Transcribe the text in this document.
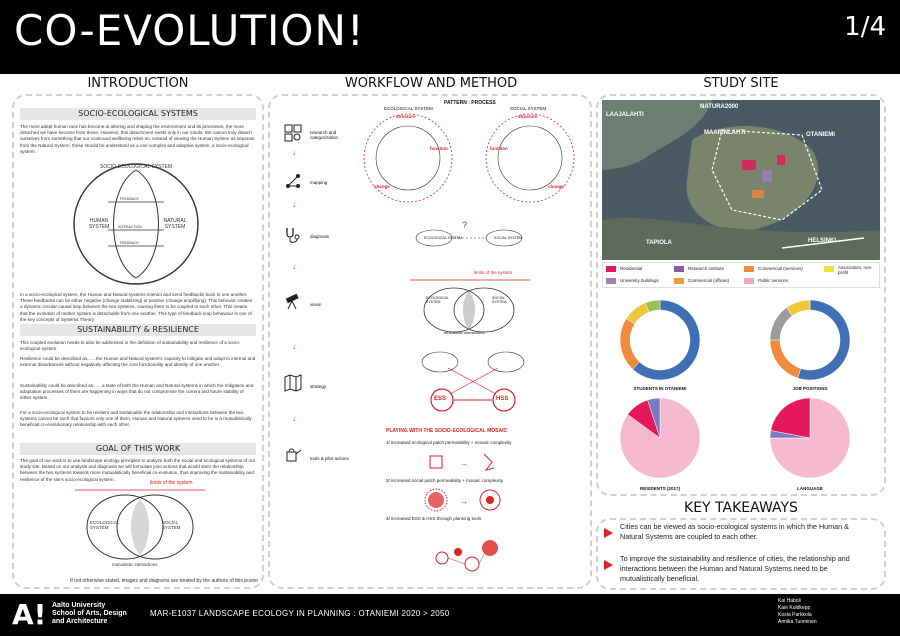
CO-EVOLUTION!	1/4
INTRODUCTION	WORKFLOW AND METHOD	STUDY SITE
SOCIO-ECOLOGICAL SYSTEMS
The more adept human race has become at altering and shaping the environment and its processes, the more detached we have become from these. However, this detachment exists only in our minds. We cannot truly detach ourselves from something that our continued wellbeing relies on. Instead of viewing the Human System as separate from the Natural System, these should be understood as a one complex and adaptive system, a socio-ecological system.
SOCIO-ECOLOGICAL SYSTEM
HUMAN SYSTEM
NATURAL SYSTEM
FEEDBACK
INTERACTION
FEEDBACK
In a socio-ecological system, the Human and Natural systems interact and send feedbacks back to one another. These feedbacks can be either negative (change stabilizing) or positive (change amplifying). This behavior creates a dynamic circular causal loop between the two systems, causing them to be coupled to each other. This means that the evolution of neither system is detachable from one another. This type of feedback loop behaviour is one of the key concepts of Systems Theory.
SUSTAINABILITY & RESILIENCE
This coupled evolution needs to also be addressed in the definition of sustainability and resilience of a socio-ecological system.
Resilience could be described as... ...the Human and Natural system's capacity to mitigate and adapt to internal and external disturbances without negatively affecting the core functionality and identity of one another.
Sustainability could be described as... ...a state of both the Human and Natural systems in which the mitigation and adaptation processes of them are happening in ways that do not compromise the current and future stability of either system.
For a socio-ecological system to be resilient and sustainable the relationship and interactions between the two systems cannot be such that favours only one of them. Human and Natural systems need to be in a mutualistically beneficial co-evolutionary relationship with each other.
GOAL OF THIS WORK
The goal of our work is to use landscape ecology principles to analyze both the social and ecological systems of our study site. Based on our analysis and diagnosis we will formulate joint actions that would steer the relationship between the two systems towards more mutualistically beneficial co-evolution, thus improving the sustainability and resilience of the site's socio-ecological system.
limits of the system
ECOLOGICAL SYSTEM
SOCIAL SYSTEM
mutualistic interactions
If not otherwise stated, images and diagrams are treated by the authors of this poster
research and categorization
↓
mapping
↓
diagnosis
↓
vision
↓
strategy
↓
tools & pilot actions
PATTERN : PROCESS
ECOLOGICAL SYSTEM	SOCIAL SYSTEM
structure
function
change
structure
function
change
?
ECOLOGICAL SYSTEM	SOCIAL SYSTEM
limits of the system
ECOLOGICAL SYSTEM
SOCIAL SYSTEM
mutualistic interactions
ESS	HSS
PLAYING WITH THE SOCIO-ECOLOGICAL MOSAIC
1/ increased ecological patch permeability + mosaic complexity
2/ increased social patch permeability + mosaic complexity
3/ increased ESS & HSS through planning tools
→
→
LAAJALAHTI
NATURA2000
MAARINLAHTI	OTANIEMI
TAPIOLA	HELSINKI
Residential	Research institute	Commercial (services)	Association, non-profit
University buildings	Commercial (offices)	Public services
STUDENTS IN OTANIEMI	JOB POSITIONS
RESIDENTS (2017)	LANGUAGE
KEY TAKEAWAYS
Cities can be viewed as socio-ecological systems in which the Human & Natural Systems are coupled to each other.
To improve the sustainability and resilience of cities, the relationship and interactions between the Human and Natural Systems need to be mutualistically beneficial.
A! Aalto University
School of Arts, Design
and Architecture
MAR-E1037 LANDSCAPE ECOLOGY IN PLANNING : OTANIEMI 2020 > 2050
Kai Haboli
Kaie Kuldkepp
Kosta Parkkola
Annika Tuominen
